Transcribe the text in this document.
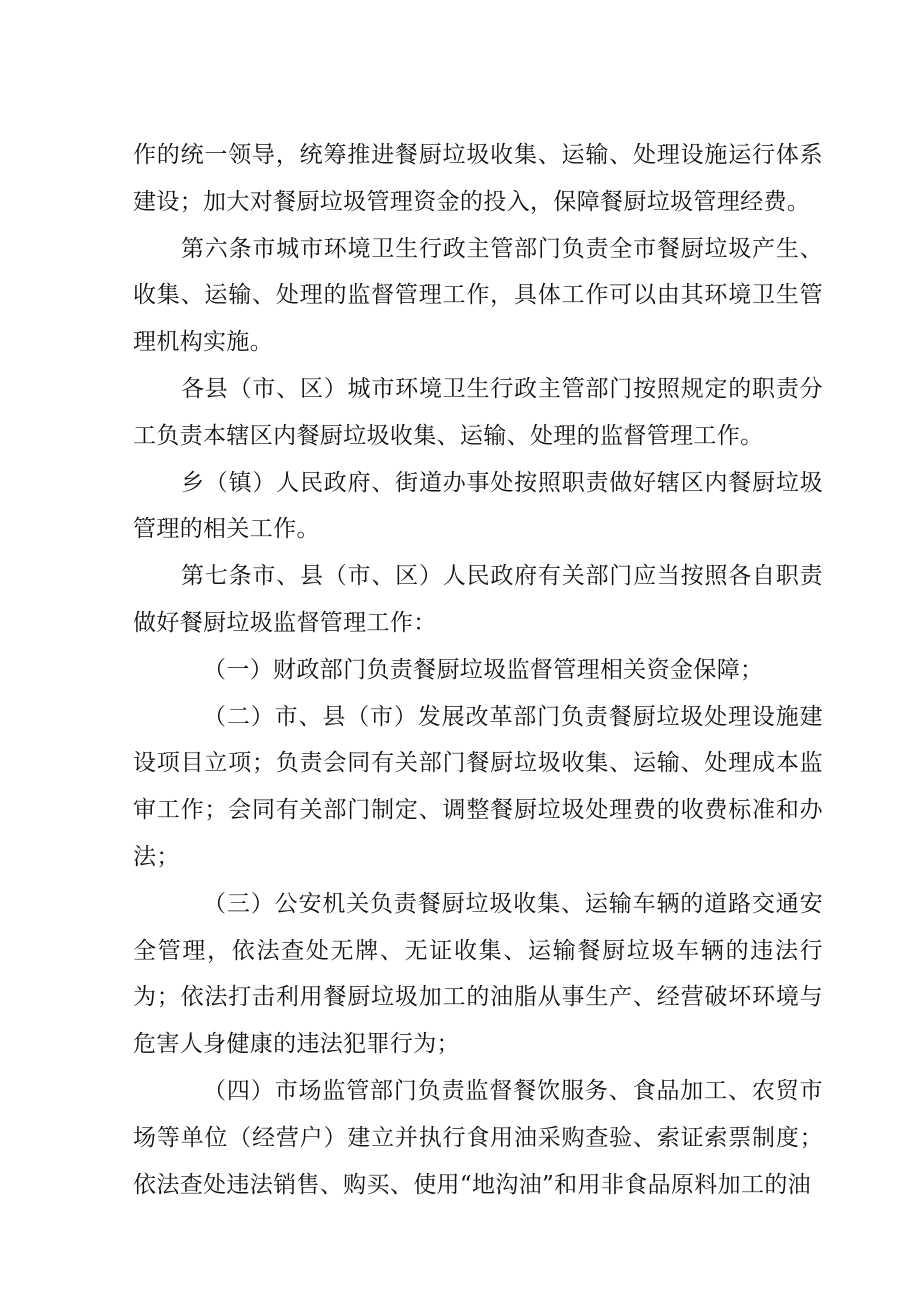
作的统一领导，统筹推进餐厨垃圾收集、运输、处理设施运行体系建设；加大对餐厨垃圾管理资金的投入，保障餐厨垃圾管理经费。

第六条市城市环境卫生行政主管部门负责全市餐厨垃圾产生、收集、运输、处理的监督管理工作，具体工作可以由其环境卫生管理机构实施。

各县（市、区）城市环境卫生行政主管部门按照规定的职责分工负责本辖区内餐厨垃圾收集、运输、处理的监督管理工作。

乡（镇）人民政府、街道办事处按照职责做好辖区内餐厨垃圾管理的相关工作。

第七条市、县（市、区）人民政府有关部门应当按照各自职责做好餐厨垃圾监督管理工作：

（一）财政部门负责餐厨垃圾监督管理相关资金保障；

（二）市、县（市）发展改革部门负责餐厨垃圾处理设施建设项目立项；负责会同有关部门餐厨垃圾收集、运输、处理成本监审工作；会同有关部门制定、调整餐厨垃圾处理费的收费标准和办法；

（三）公安机关负责餐厨垃圾收集、运输车辆的道路交通安全管理，依法查处无牌、无证收集、运输餐厨垃圾车辆的违法行为；依法打击利用餐厨垃圾加工的油脂从事生产、经营破坏环境与危害人身健康的违法犯罪行为；

（四）市场监管部门负责监督餐饮服务、食品加工、农贸市场等单位（经营户）建立并执行食用油采购查验、索证索票制度；依法查处违法销售、购买、使用“地沟油”和用非食品原料加工的油
